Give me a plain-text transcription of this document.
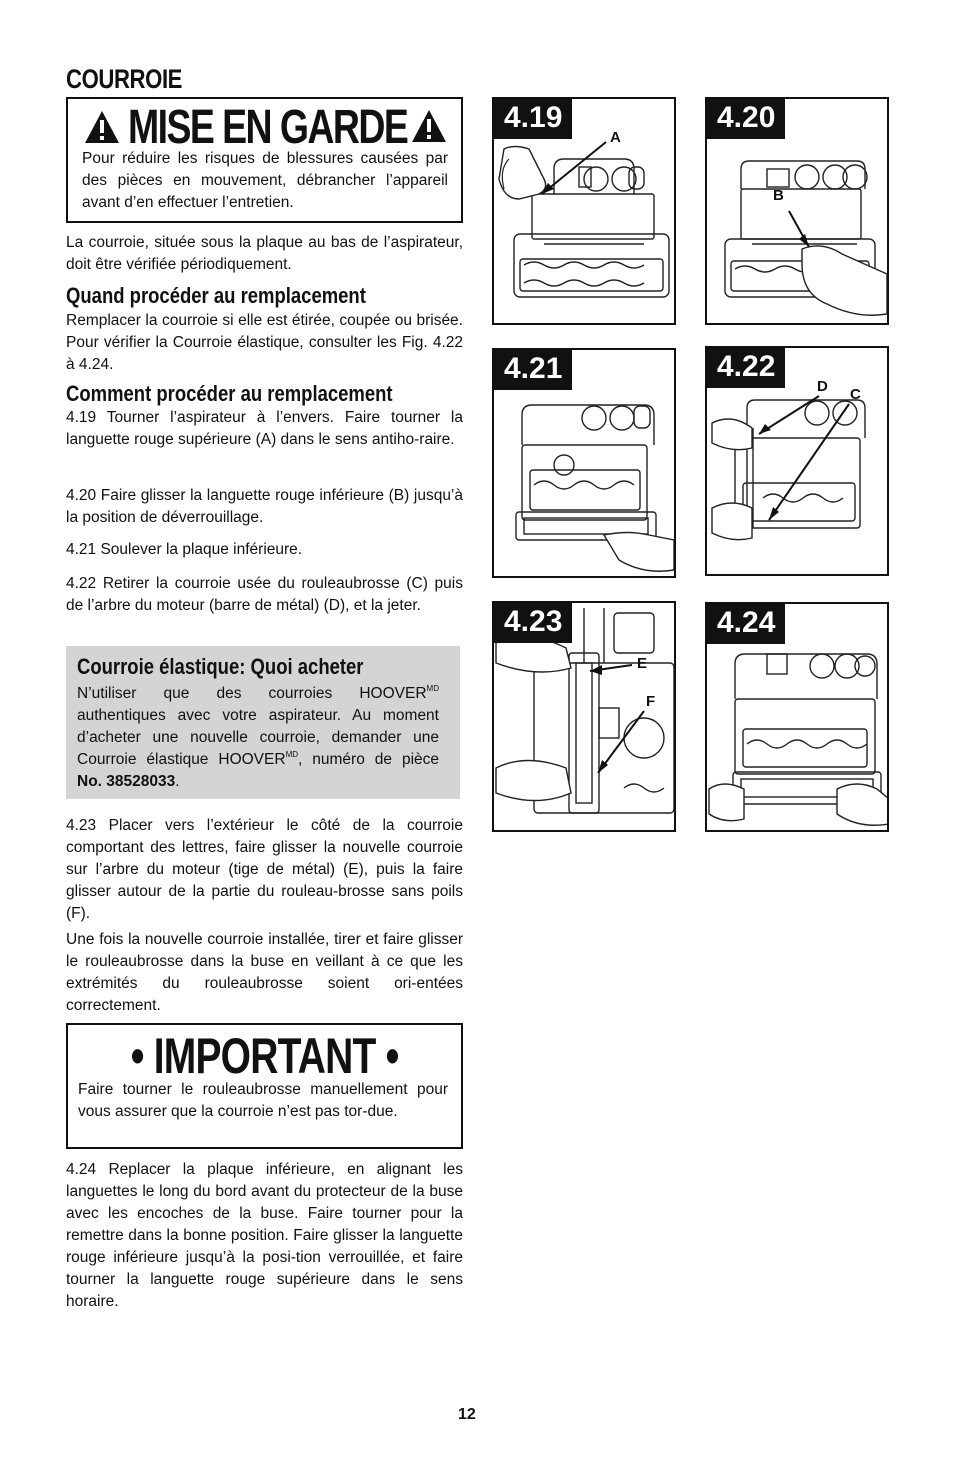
COURROIE
MISE EN GARDE
Pour réduire les risques de blessures causées par des pièces en mouvement, débrancher l’appareil avant d’en effectuer l’entretien.
La courroie, située sous la plaque au bas de l’aspirateur, doit être vérifiée périodiquement.
Quand procéder au remplacement
Remplacer la courroie si elle est étirée, coupée ou brisée. Pour vérifier la Courroie élastique, consulter les Fig. 4.22 à 4.24.
Comment procéder au remplacement
4.19 Tourner l’aspirateur à l’envers. Faire tourner la languette rouge supérieure (A) dans le sens antiho-raire.
4.20 Faire glisser la languette rouge inférieure (B) jusqu’à la position de déverrouillage.
4.21 Soulever la plaque inférieure.
4.22 Retirer la courroie usée du rouleaubrosse (C) puis de l’arbre du moteur (barre de métal) (D), et la jeter.
Courroie élastique: Quoi acheter
N’utiliser que des courroies $HOOVER^{MD}$ authentiques avec votre aspirateur. Au moment d’acheter une nouvelle courroie, demander une Courroie élastique $HOOVER^{MD}$, numéro de pièce No. 38528033.
4.23 Placer vers l’extérieur le côté de la courroie comportant des lettres, faire glisser la nouvelle courroie sur l’arbre du moteur (tige de métal) (E), puis la faire glisser autour de la partie du rouleau-brosse sans poils (F).
Une fois la nouvelle courroie installée, tirer et faire glisser le rouleaubrosse dans la buse en veillant à ce que les extrémités du rouleaubrosse soient ori-entées correctement.
• IMPORTANT •
Faire tourner le rouleaubrosse manuellement pour vous assurer que la courroie n’est pas tor-due.
4.24 Replacer la plaque inférieure, en alignant les languettes le long du bord avant du protecteur de la buse avec les encoches de la buse. Faire tourner pour la remettre dans la bonne position. Faire glisser la languette rouge inférieure jusqu’à la posi-tion verrouillée, et faire tourner la languette rouge supérieure dans le sens horaire.
4.19
A
4.20
B
4.21	4.22
D C
4.23
E
F
4.24
12
